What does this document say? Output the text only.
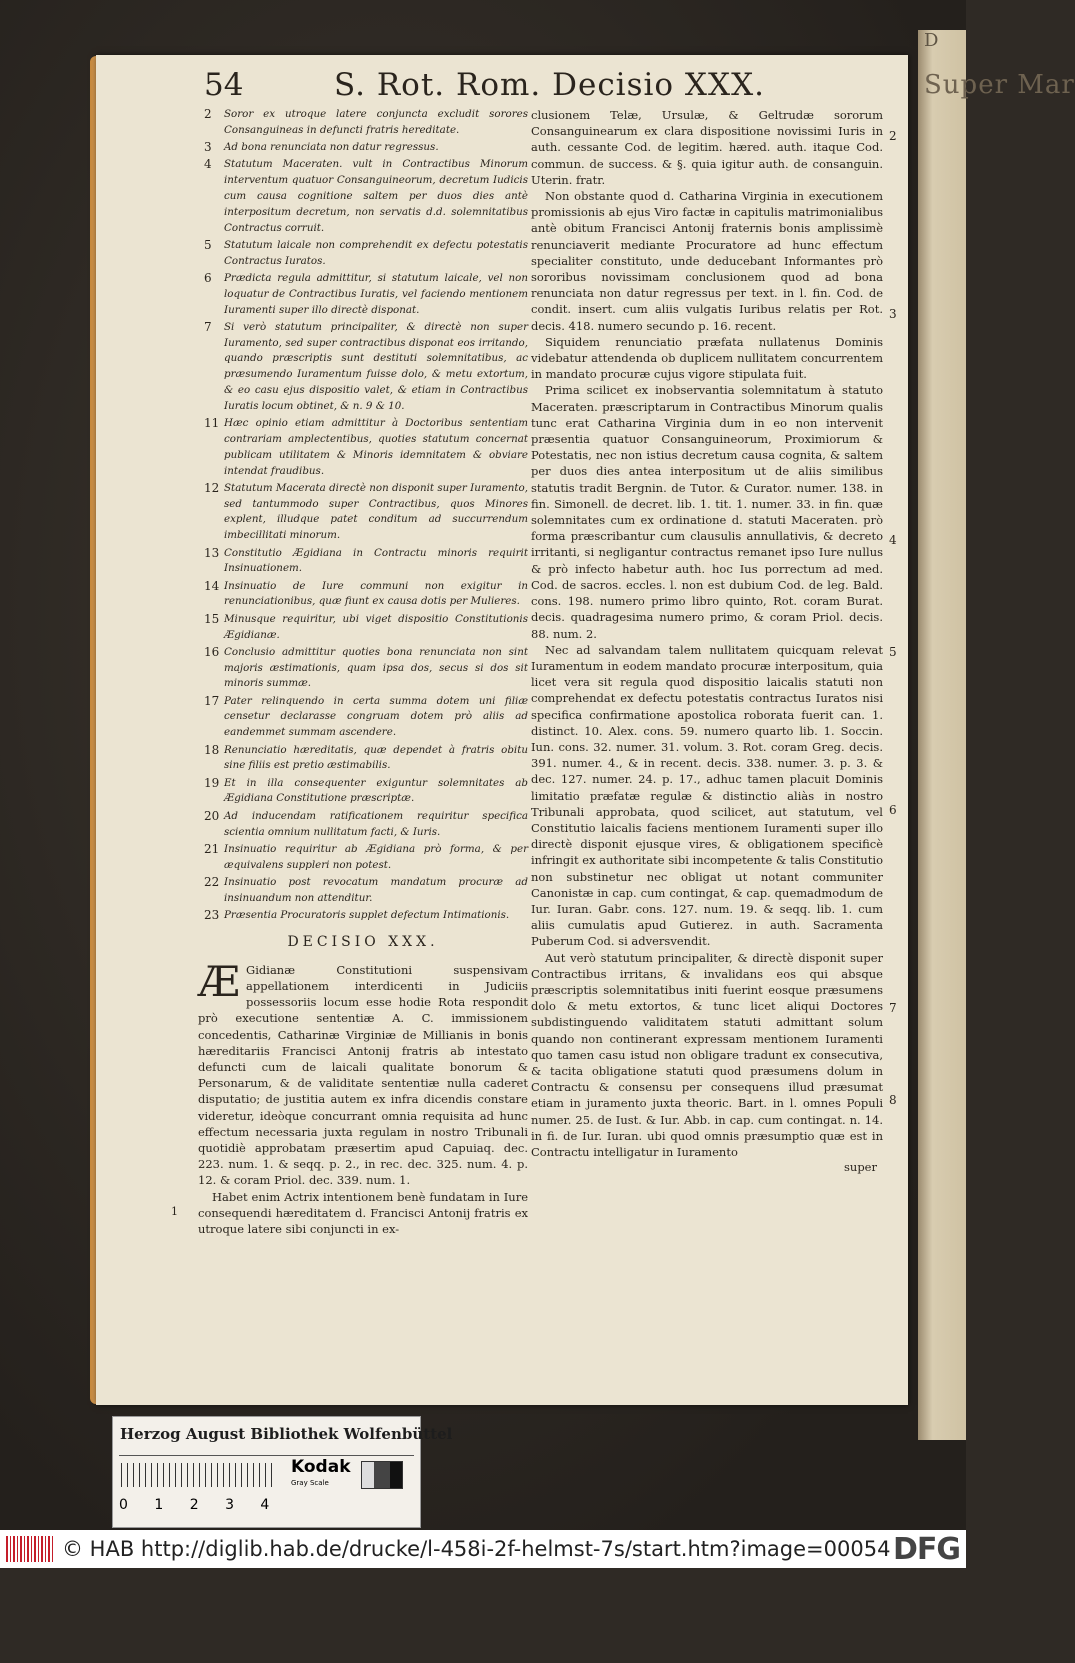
D
Super Mar
54	S. Rot. Rom. Decisio XXX.
2	Soror ex utroque latere conjuncta excludit sorores Consanguineas in defuncti fratris hereditate.
3	Ad bona renunciata non datur regressus.
4	Statutum Maceraten. vult in Contractibus Minorum interventum quatuor Consanguineorum, decretum Iudicis cum causa cognitione saltem per duos dies antè interpositum decretum, non servatis d.d. solemnitatibus Contractus corruit.
5	Statutum laicale non comprehendit ex defectu potestatis Contractus Iuratos.
6	Prædicta regula admittitur, si statutum laicale, vel non loquatur de Contractibus Iuratis, vel faciendo mentionem Iuramenti super illo directè disponat.
7	Si verò statutum principaliter, & directè non super Iuramento, sed super contractibus disponat eos irritando, quando præscriptis sunt destituti solemnitatibus, ac præsumendo Iuramentum fuisse dolo, & metu extortum, & eo casu ejus dispositio valet, & etiam in Contractibus Iuratis locum obtinet, & n. 9 & 10.
11 Hæc opinio etiam admittitur à Doctoribus sententiam contrariam amplectentibus, quoties statutum concernat publicam utilitatem & Minoris idemnitatem & obviare intendat fraudibus.
12 Statutum Macerata directè non disponit super Iuramento, sed tantummodo super Contractibus, quos Minores explent, illudque patet conditum ad succurrendum imbecillitati minorum.
13 Constitutio Ægidiana in Contractu minoris requirit Insinuationem.
14 Insinuatio de Iure communi non exigitur in renunciationibus, quæ fiunt ex causa dotis per Mulieres.
15 Minusque requiritur, ubi viget dispositio Constitutionis Ægidianæ.
16 Conclusio admittitur quoties bona renunciata non sint majoris æstimationis, quam ipsa dos, secus si dos sit minoris summæ.
17 Pater relinquendo in certa summa dotem uni filiæ censetur declarasse congruam dotem prò aliis ad eandemmet summam ascendere.
18 Renunciatio hæreditatis, quæ dependet à fratris obitu sine filiis est pretio æstimabilis.
19 Et in illa consequenter exiguntur solemnitates ab Ægidiana Constitutione præscriptæ.
20 Ad inducendam ratificationem requiritur specifica scientia omnium nullitatum facti, & Iuris.
21 Insinuatio requiritur ab Ægidiana prò forma, & per æquivalens suppleri non potest.
22 Insinuatio post revocatum mandatum procuræ ad insinuandum non attenditur.
23 Præsentia Procuratoris supplet defectum Intimationis.
DECISIO XXX.

Æ Gidianæ Constitutioni suspensivam appellationem interdicenti in Judiciis possessoriis locum esse hodie Rota respondit prò executione sententiæ A. C. immissionem concedentis, Catharinæ Virginiæ de Millianis in bonis hæreditariis Francisci Antonij fratris ab intestato defuncti cum de laicali qualitate bonorum & Personarum, & de validitate sententiæ nulla caderet disputatio; de justitia autem ex infra dicendis constare videretur, ideòque concurrant omnia requisita ad hunc effectum necessaria juxta regulam in nostro Tribunali quotidiè approbatam præsertim apud Capuiaq. dec. 223. num. 1. & seqq. p. 2., in rec. dec. 325. num. 4. p. 12. & coram Priol. dec. 339. num. 1.

Habet enim Actrix intentionem benè fundatam in Iure consequendi hæreditatem d. Francisci Antonij fratris ex utroque latere sibi conjuncti in ex-

1

clusionem Telæ, Ursulæ, & Geltrudæ sororum Consanguinearum ex clara dispositione novissimi Iuris in auth. cessante Cod. de legitim. hæred. auth. itaque Cod. commun. de success. & §. quia igitur auth. de consanguin. Uterin. fratr.

Non obstante quod d. Catharina Virginia in executionem promissionis ab ejus Viro factæ in capitulis matrimonialibus antè obitum Francisci Antonij fraternis bonis amplissimè renunciaverit mediante Procuratore ad hunc effectum specialiter constituto, unde deducebant Informantes prò sororibus novissimam conclusionem quod ad bona renunciata non datur regressus per text. in l. fin. Cod. de condit. insert. cum aliis vulgatis Iuribus relatis per Rot. decis. 418. numero secundo p. 16. recent.

Siquidem renunciatio præfata nullatenus Dominis videbatur attendenda ob duplicem nullitatem concurrentem in mandato procuræ cujus vigore stipulata fuit.

Prima scilicet ex inobservantia solemnitatum à statuto Maceraten. præscriptarum in Contractibus Minorum qualis tunc erat Catharina Virginia dum in eo non intervenit præsentia quatuor Consanguineorum, Proximiorum & Potestatis, nec non istius decretum causa cognita, & saltem per duos dies antea interpositum ut de aliis similibus statutis tradit Bergnin. de Tutor. & Curator. numer. 138. in fin. Simonell. de decret. lib. 1. tit. 1. numer. 33. in fin. quæ solemnitates cum ex ordinatione d. statuti Maceraten. prò forma præscribantur cum clausulis annullativis, & decreto irritanti, si negligantur contractus remanet ipso Iure nullus & prò infecto habetur auth. hoc Ius porrectum ad med. Cod. de sacros. eccles. l. non est dubium Cod. de leg. Bald. cons. 198. numero primo libro quinto, Rot. coram Burat. decis. quadragesima numero primo, & coram Priol. decis. 88. num. 2.

Nec ad salvandam talem nullitatem quicquam relevat Iuramentum in eodem mandato procuræ interpositum, quia licet vera sit regula quod dispositio laicalis statuti non comprehendat ex defectu potestatis contractus Iuratos nisi specifica confirmatione apostolica roborata fuerit can. 1. distinct. 10. Alex. cons. 59. numero quarto lib. 1. Soccin. Iun. cons. 32. numer. 31. volum. 3. Rot. coram Greg. decis. 391. numer. 4., & in recent. decis. 338. numer. 3. p. 3. & dec. 127. numer. 24. p. 17., adhuc tamen placuit Dominis limitatio præfatæ regulæ & distinctio aliàs in nostro Tribunali approbata, quod scilicet, aut statutum, vel Constitutio laicalis faciens mentionem Iuramenti super illo directè disponit ejusque vires, & obligationem specificè infringit ex authoritate sibi incompetente & talis Constitutio non substinetur nec obligat ut notant communiter Canonistæ in cap. cum contingat, & cap. quemadmodum de Iur. Iuran. Gabr. cons. 127. num. 19. & seqq. lib. 1. cum aliis cumulatis apud Gutierez. in auth. Sacramenta Puberum Cod. si adversvendit.

Aut verò statutum principaliter, & directè disponit super Contractibus irritans, & invalidans eos qui absque præscriptis solemnitatibus initi fuerint eosque præsumens dolo & metu extortos, & tunc licet aliqui Doctores subdistinguendo validitatem statuti admittant solum quando non continerant expressam mentionem Iuramenti quo tamen casu istud non obligare tradunt ex consecutiva, & tacita obligatione statuti quod præsumens dolum in Contractu & consensu per consequens illud præsumat etiam in juramento juxta theoric. Bart. in l. omnes Populi numer. 25. de Iust. & Iur. Abb. in cap. cum contingat. n. 14. in fi. de Iur. Iuran. ubi quod omnis præsumptio quæ est in Contractu intelligatur in Iuramento

super
2
3
4
5
6
7
8
Herzog August Bibliothek Wolfenbüttel
Kodak
Gray Scale
0 1 2 3 4
© HAB http://diglib.hab.de/drucke/l-458i-2f-helmst-7s/start.htm?image=00054 DFG
